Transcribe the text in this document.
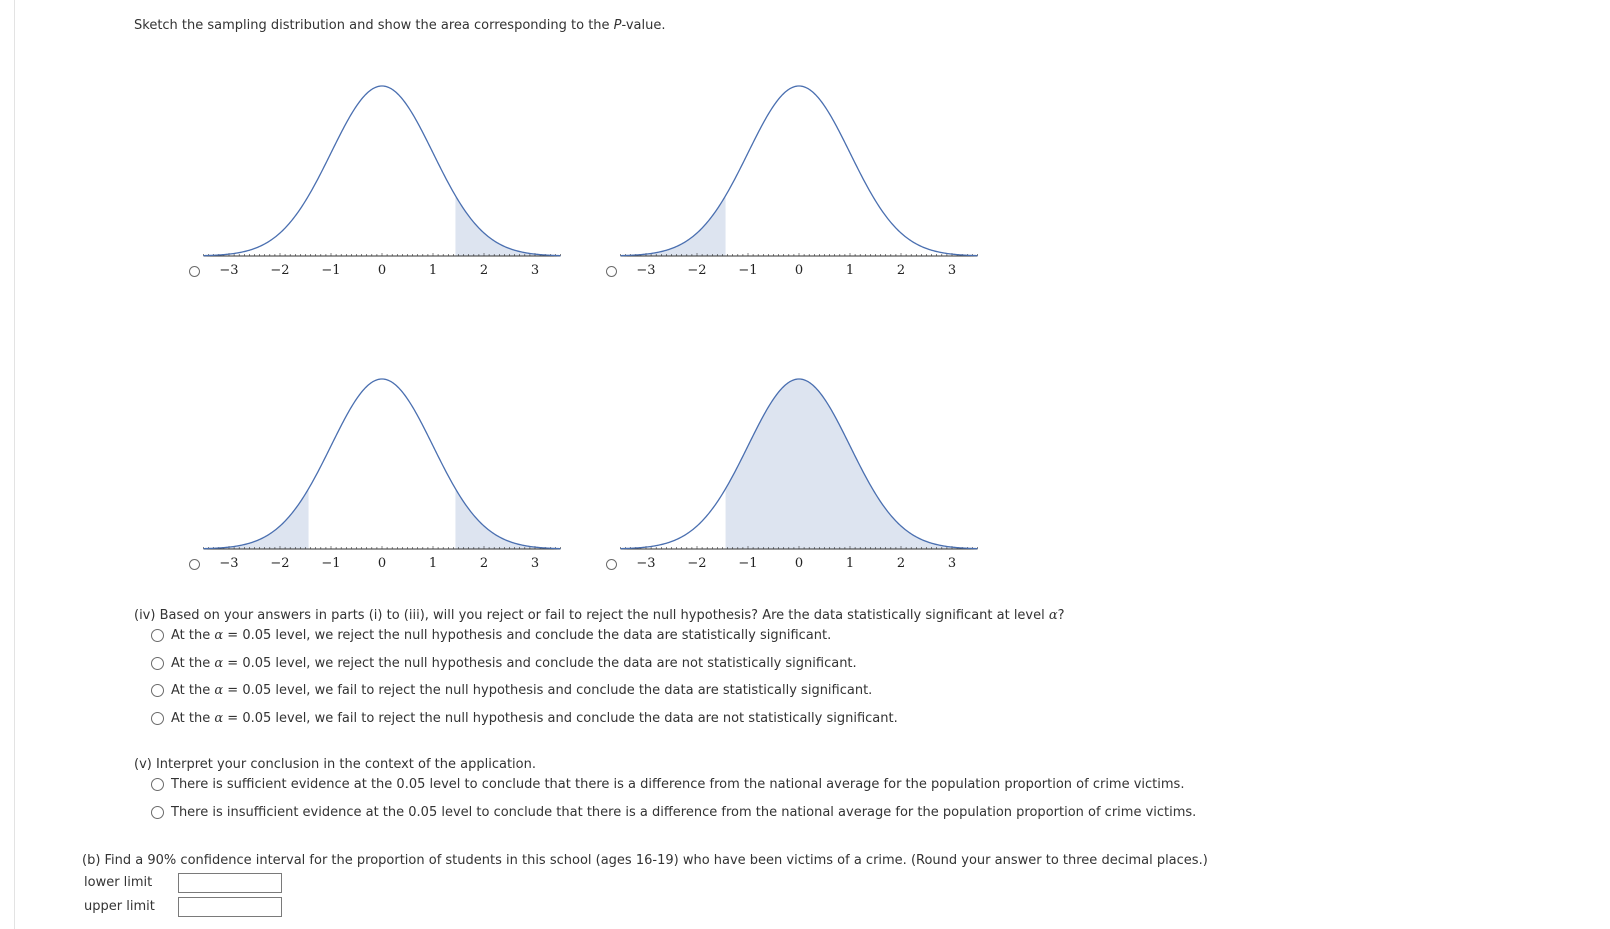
Sketch the sampling distribution and show the area corresponding to the P-value.
−3 −2 −1	0	1	2	3	−3 −2 −1	0	1	2	3
−3 −2 −1	0	1	2	3	−3 −2 −1	0	1	2	3
(iv) Based on your answers in parts (i) to (iii), will you reject or fail to reject the null hypothesis? Are the data statistically significant at level α?
At the α = 0.05 level, we reject the null hypothesis and conclude the data are statistically significant.
At the α = 0.05 level, we reject the null hypothesis and conclude the data are not statistically significant.
At the α = 0.05 level, we fail to reject the null hypothesis and conclude the data are statistically significant.
At the α = 0.05 level, we fail to reject the null hypothesis and conclude the data are not statistically significant.
(v) Interpret your conclusion in the context of the application.
There is sufficient evidence at the 0.05 level to conclude that there is a difference from the national average for the population proportion of crime victims.
There is insufficient evidence at the 0.05 level to conclude that there is a difference from the national average for the population proportion of crime victims.
(b) Find a 90% confidence interval for the proportion of students in this school (ages 16-19) who have been victims of a crime. (Round your answer to three decimal places.)
lower limit
upper limit
